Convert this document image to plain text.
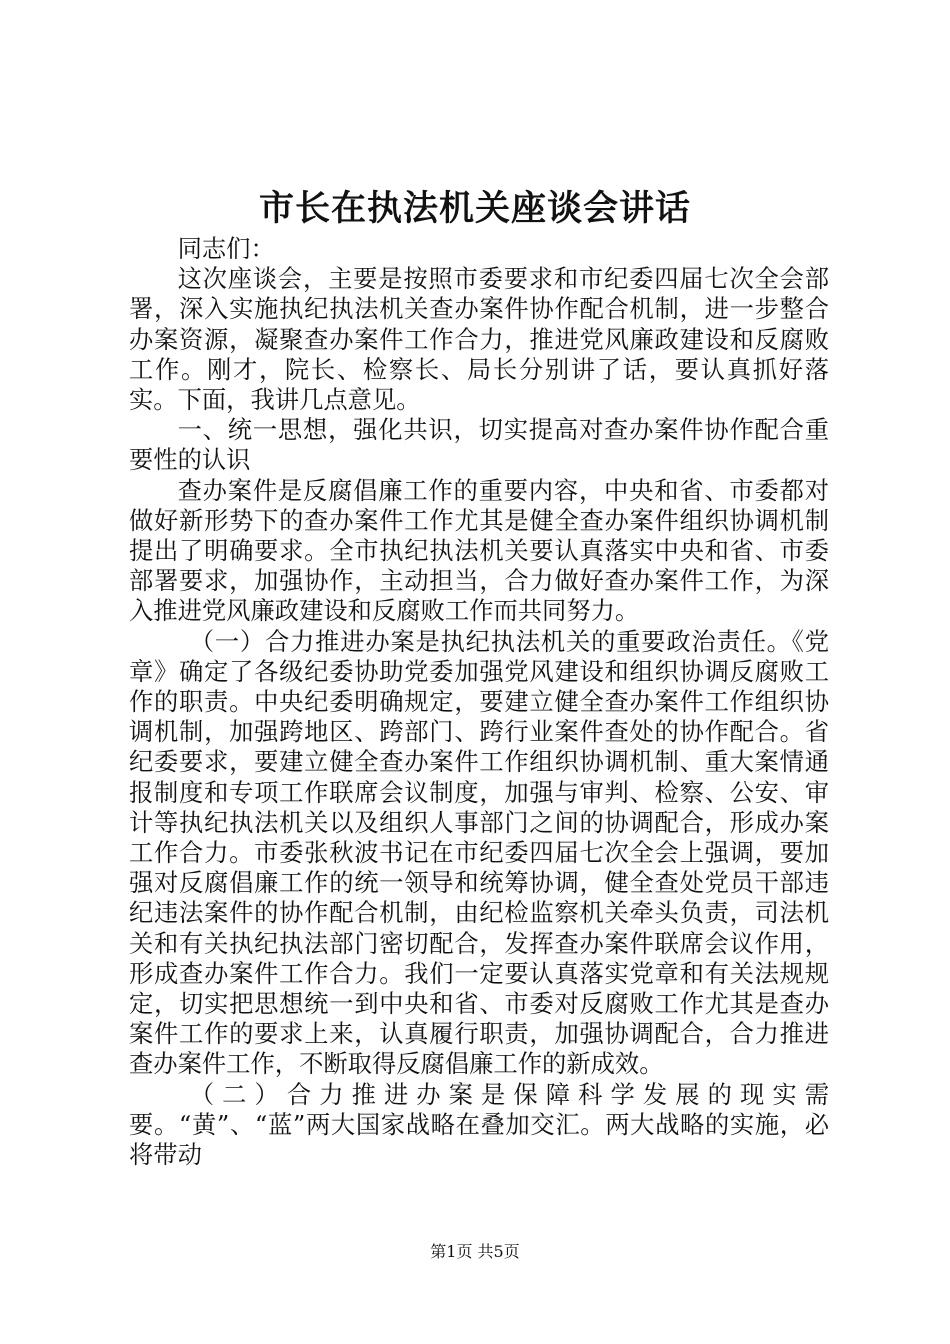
市长在执法机关座谈会讲话

同志们：

这次座谈会，主要是按照市委要求和市纪委四届七次全会部署，深入实施执纪执法机关查办案件协作配合机制，进一步整合办案资源，凝聚查办案件工作合力，推进党风廉政建设和反腐败工作。刚才，院长、检察长、局长分别讲了话，要认真抓好落实。下面，我讲几点意见。

一、统一思想，强化共识，切实提高对查办案件协作配合重要性的认识

查办案件是反腐倡廉工作的重要内容，中央和省、市委都对做好新形势下的查办案件工作尤其是健全查办案件组织协调机制提出了明确要求。全市执纪执法机关要认真落实中央和省、市委部署要求，加强协作，主动担当，合力做好查办案件工作，为深入推进党风廉政建设和反腐败工作而共同努力。

（一）合力推进办案是执纪执法机关的重要政治责任。《党章》确定了各级纪委协助党委加强党风建设和组织协调反腐败工作的职责。中央纪委明确规定，要建立健全查办案件工作组织协调机制，加强跨地区、跨部门、跨行业案件查处的协作配合。省纪委要求，要建立健全查办案件工作组织协调机制、重大案情通报制度和专项工作联席会议制度，加强与审判、检察、公安、审计等执纪执法机关以及组织人事部门之间的协调配合，形成办案工作合力。市委张秋波书记在市纪委四届七次全会上强调，要加强对反腐倡廉工作的统一领导和统筹协调，健全查处党员干部违纪违法案件的协作配合机制，由纪检监察机关牵头负责，司法机关和有关执纪执法部门密切配合，发挥查办案件联席会议作用，形成查办案件工作合力。我们一定要认真落实党章和有关法规规定，切实把思想统一到中央和省、市委对反腐败工作尤其是查办案件工作的要求上来，认真履行职责，加强协调配合，合力推进查办案件工作，不断取得反腐倡廉工作的新成效。

（二）合力推进办案是保障科学发展的现实需要。“黄”、“蓝”两大国家战略在叠加交汇。两大战略的实施，必将带动

第1页 共5页
